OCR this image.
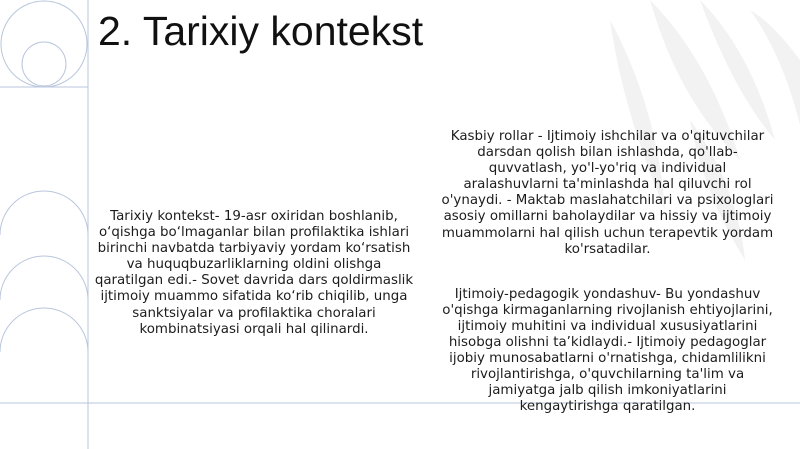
2. Tarixiy kontekst
Tarixiy kontekst- 19-asr oxiridan boshlanib, o‘qishga bo‘lmaganlar bilan profilaktika ishlari birinchi navbatda tarbiyaviy yordam ko‘rsatish va huquqbuzarliklarning oldini olishga qaratilgan edi.- Sovet davrida dars qoldirmaslik ijtimoiy muammo sifatida ko‘rib chiqilib, unga sanktsiyalar va profilaktika choralari kombinatsiyasi orqali hal qilinardi.

Kasbiy rollar - Ijtimoiy ishchilar va o'qituvchilar darsdan qolish bilan ishlashda, qo'llab-quvvatlash, yo'l-yo'riq va individual aralashuvlarni ta'minlashda hal qiluvchi rol o'ynaydi. - Maktab maslahatchilari va psixologlari asosiy omillarni baholaydilar va hissiy va ijtimoiy muammolarni hal qilish uchun terapevtik yordam ko'rsatadilar.

Ijtimoiy-pedagogik yondashuv- Bu yondashuv o'qishga kirmaganlarning rivojlanish ehtiyojlarini, ijtimoiy muhitini va individual xususiyatlarini hisobga olishni ta’kidlaydi.- Ijtimoiy pedagoglar ijobiy munosabatlarni o'rnatishga, chidamlilikni rivojlantirishga, o'quvchilarning ta'lim va jamiyatga jalb qilish imkoniyatlarini kengaytirishga qaratilgan.
